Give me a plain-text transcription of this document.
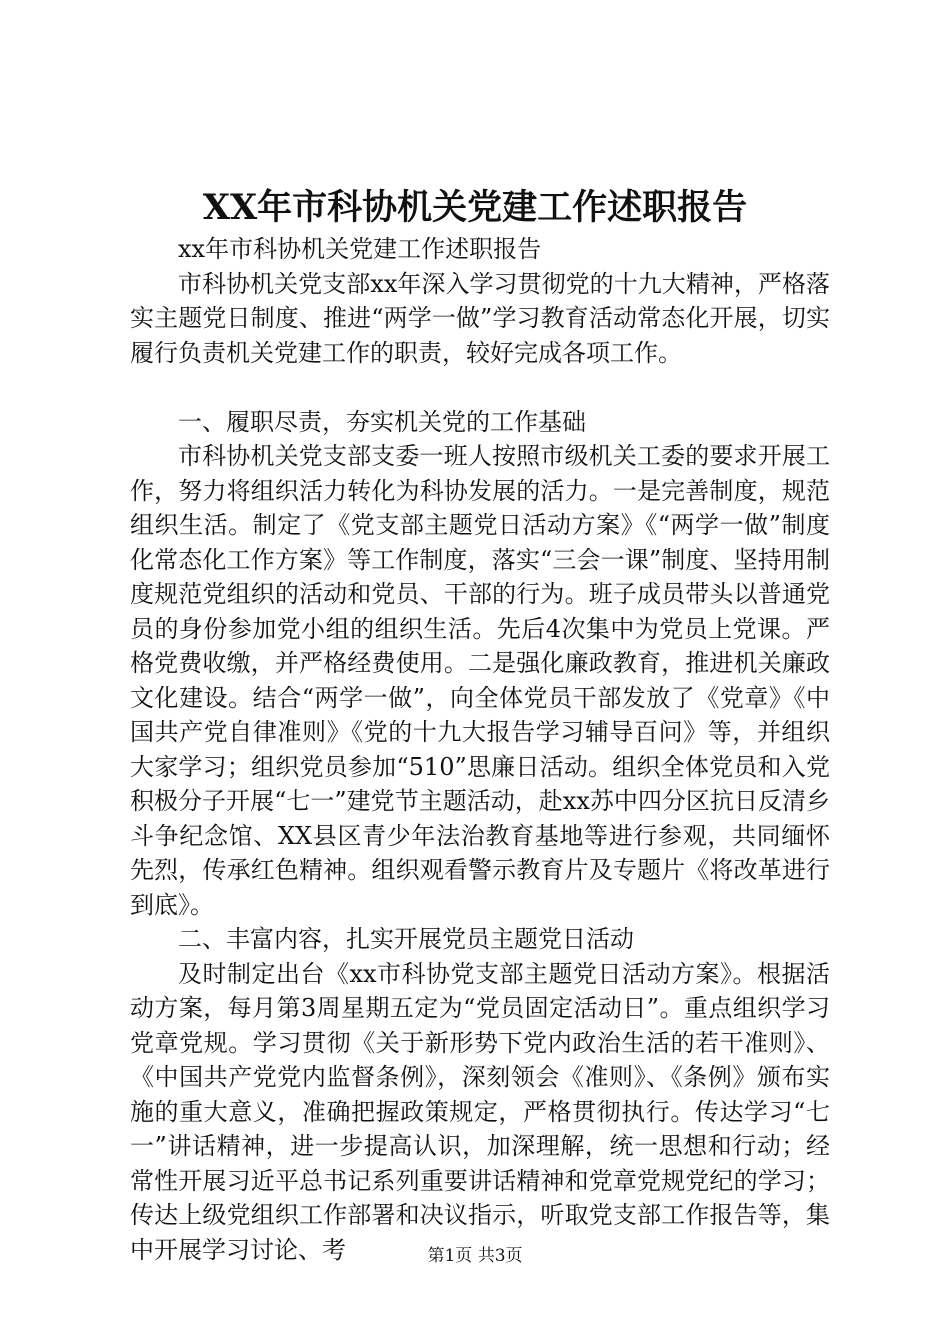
XX年市科协机关党建工作述职报告

xx年市科协机关党建工作述职报告

市科协机关党支部xx年深入学习贯彻党的十九大精神，严格落实主题党日制度、推进“两学一做”学习教育活动常态化开展，切实履行负责机关党建工作的职责，较好完成各项工作。

一、履职尽责，夯实机关党的工作基础

市科协机关党支部支委一班人按照市级机关工委的要求开展工作，努力将组织活力转化为科协发展的活力。一是完善制度，规范组织生活。制定了《党支部主题党日活动方案》《“两学一做”制度化常态化工作方案》等工作制度，落实“三会一课”制度、坚持用制度规范党组织的活动和党员、干部的行为。班子成员带头以普通党员的身份参加党小组的组织生活。先后4次集中为党员上党课。严格党费收缴，并严格经费使用。二是强化廉政教育，推进机关廉政文化建设。结合“两学一做”，向全体党员干部发放了《党章》《中国共产党自律准则》《党的十九大报告学习辅导百问》等，并组织大家学习；组织党员参加“510”思廉日活动。组织全体党员和入党积极分子开展“七一”建党节主题活动，赴xx苏中四分区抗日反清乡斗争纪念馆、XX县区青少年法治教育基地等进行参观，共同缅怀先烈，传承红色精神。组织观看警示教育片及专题片《将改革进行到底》。

二、丰富内容，扎实开展党员主题党日活动

及时制定出台《xx市科协党支部主题党日活动方案》。根据活动方案，每月第3周星期五定为“党员固定活动日”。重点组织学习党章党规。学习贯彻《关于新形势下党内政治生活的若干准则》、《中国共产党党内监督条例》，深刻领会《准则》、《条例》颁布实施的重大意义，准确把握政策规定，严格贯彻执行。传达学习“七一”讲话精神，进一步提高认识，加深理解，统一思想和行动；经常性开展习近平总书记系列重要讲话精神和党章党规党纪的学习；传达上级党组织工作部署和决议指示，听取党支部工作报告等，集中开展学习讨论、考	第1页 共3页
